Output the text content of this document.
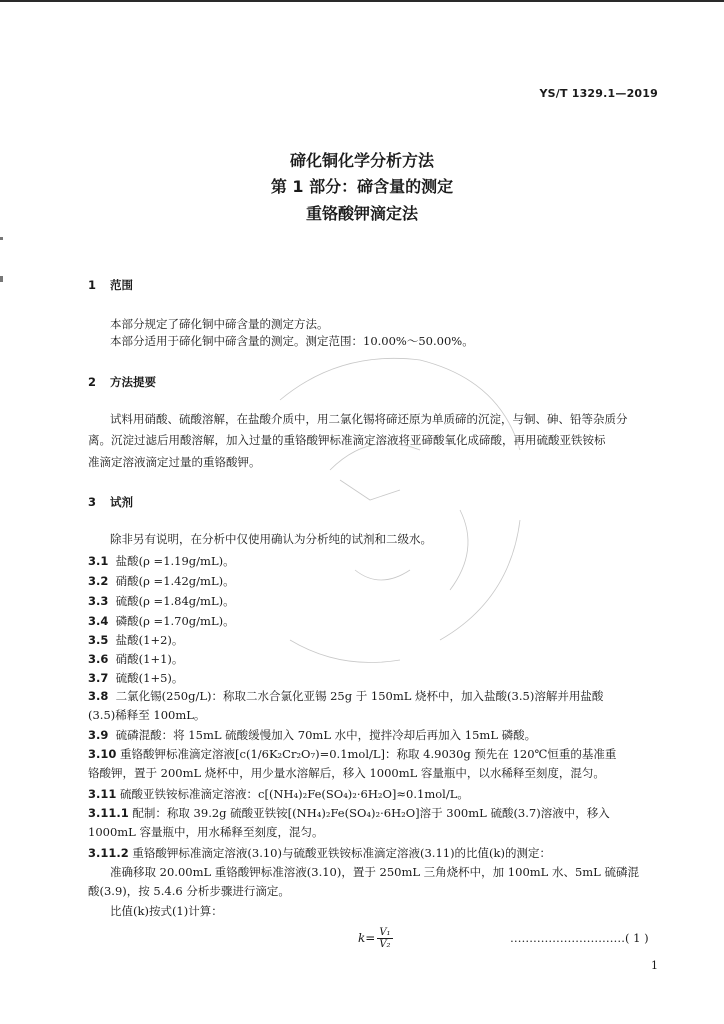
YS/T 1329.1—2019
碲化铜化学分析方法
第 1 部分：碲含量的测定
重铬酸钾滴定法
1 范围
本部分规定了碲化铜中碲含量的测定方法。
本部分适用于碲化铜中碲含量的测定。测定范围：10.00%～50.00%。
2 方法提要
试料用硝酸、硫酸溶解，在盐酸介质中，用二氯化锡将碲还原为单质碲的沉淀，与铜、砷、铅等杂质分
离。沉淀过滤后用酸溶解，加入过量的重铬酸钾标准滴定溶液将亚碲酸氧化成碲酸，再用硫酸亚铁铵标
准滴定溶液滴定过量的重铬酸钾。
3 试剂
除非另有说明，在分析中仅使用确认为分析纯的试剂和二级水。
3.1 盐酸(ρ =1.19g/mL)。
3.2 硝酸(ρ =1.42g/mL)。
3.3 硫酸(ρ =1.84g/mL)。
3.4 磷酸(ρ =1.70g/mL)。
3.5 盐酸(1+2)。
3.6 硝酸(1+1)。
3.7 硫酸(1+5)。
3.8 二氯化锡(250g/L)：称取二水合氯化亚锡 25g 于 150mL 烧杯中，加入盐酸(3.5)溶解并用盐酸
(3.5)稀释至 100mL。
3.9 硫磷混酸：将 15mL 硫酸缓慢加入 70mL 水中，搅拌冷却后再加入 15mL 磷酸。
3.10 重铬酸钾标准滴定溶液[c(1/6K₂Cr₂O₇)=0.1mol/L]：称取 4.9030g 预先在 120℃恒重的基准重
铬酸钾，置于 200mL 烧杯中，用少量水溶解后，移入 1000mL 容量瓶中，以水稀释至刻度，混匀。
3.11 硫酸亚铁铵标准滴定溶液：c[(NH₄)₂Fe(SO₄)₂·6H₂O]≈0.1mol/L。
3.11.1 配制：称取 39.2g 硫酸亚铁铵[(NH₄)₂Fe(SO₄)₂·6H₂O]溶于 300mL 硫酸(3.7)溶液中，移入
1000mL 容量瓶中，用水稀释至刻度，混匀。
3.11.2 重铬酸钾标准滴定溶液(3.10)与硫酸亚铁铵标准滴定溶液(3.11)的比值(k)的测定：
准确移取 20.00mL 重铬酸钾标准溶液(3.10)，置于 250mL 三角烧杯中，加 100mL 水、5mL 硫磷混
酸(3.9)，按 5.4.6 分析步骤进行滴定。
比值(k)按式(1)计算：
$k= \frac{\text{V₁}}{\text{V₂}}$	…………………………( 1 )
1
